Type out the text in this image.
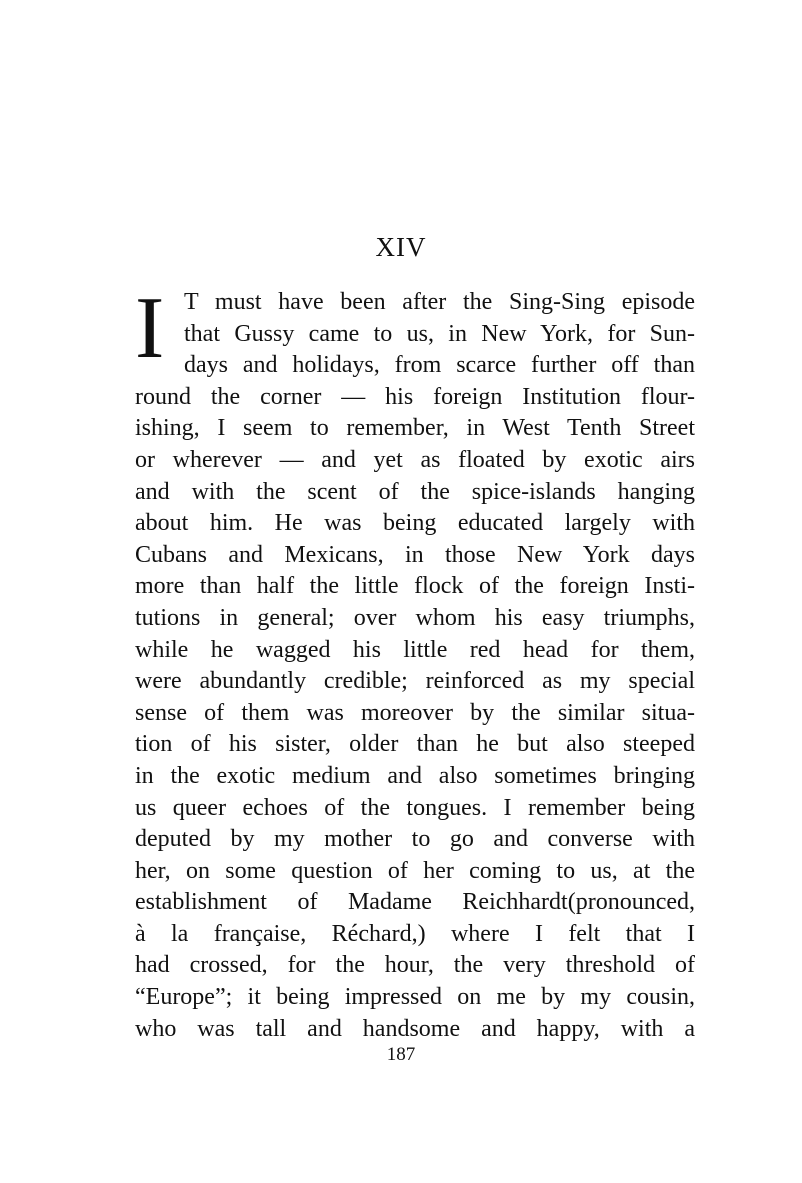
XIV
I T must have been after the Sing-Sing episode
that Gussy came to us, in New York, for Sun-
days and holidays, from scarce further off than
round the corner — his foreign Institution flour-
ishing, I seem to remember, in West Tenth Street
or wherever — and yet as floated by exotic airs
and with the scent of the spice-islands hanging
about him. He was being educated largely with
Cubans and Mexicans, in those New York days
more than half the little flock of the foreign Insti-
tutions in general; over whom his easy triumphs,
while he wagged his little red head for them,
were abundantly credible; reinforced as my special
sense of them was moreover by the similar situa-
tion of his sister, older than he but also steeped
in the exotic medium and also sometimes bringing
us queer echoes of the tongues. I remember being
deputed by my mother to go and converse with
her, on some question of her coming to us, at the
establishment of Madame Reichhardt(pronounced,
à la française, Réchard,) where I felt that I
had crossed, for the hour, the very threshold of
“Europe”; it being impressed on me by my cousin,
who was tall and handsome and happy, with a
187
